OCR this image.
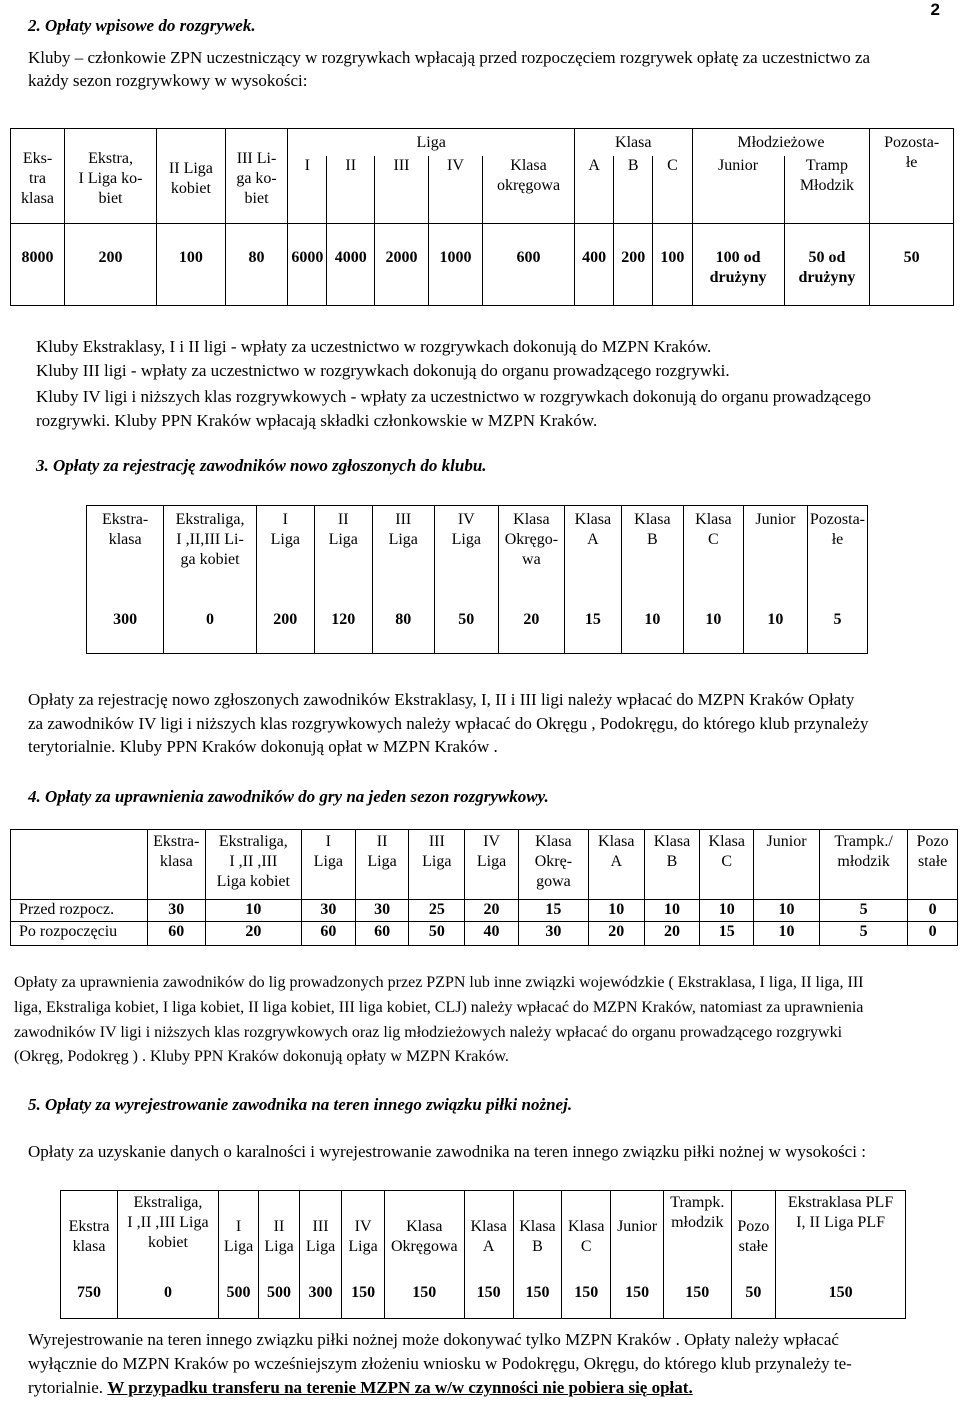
2
2. Opłaty wpisowe do rozgrywek.
Kluby – członkowie ZPN uczestniczący w rozgrywkach wpłacają przed rozpoczęciem rozgrywek opłatę za uczestnictwo za
każdy sezon rozgrywkowy w wysokości:
Eks-
tra
klasa	Ekstra,
I Liga ko-
biet	II Liga
kobiet	III Li-
ga ko-
biet	Liga					Klasa			Młodzieżowe		Pozosta-
łe
				I	II	III	IV	Klasa
okręgowa	A	B	C	Junior	Tramp
Młodzik	
8000	200	100	80	6000	4000	2000	1000	600	400	200	100	100 od
drużyny	50 od
drużyny	50
Kluby Ekstraklasy, I i II ligi - wpłaty za uczestnictwo w rozgrywkach dokonują do MZPN Kraków.
Kluby III ligi - wpłaty za uczestnictwo w rozgrywkach dokonują do organu prowadzącego rozgrywki.
Kluby IV ligi i niższych klas rozgrywkowych - wpłaty za uczestnictwo w rozgrywkach dokonują do organu prowadzącego
rozgrywki. Kluby PPN Kraków wpłacają składki członkowskie w MZPN Kraków.
3. Opłaty za rejestrację zawodników nowo zgłoszonych do klubu.
Ekstra-
klasa	Ekstraliga,
I ,II,III Li-
ga kobiet	I
Liga	II
Liga	III
Liga	IV
Liga	Klasa
Okręgo-
wa	Klasa
A	Klasa
B	Klasa
C	Junior	Pozosta-
łe
300	0	200	120	80	50	20	15	10	10	10	5
Opłaty za rejestrację nowo zgłoszonych zawodników Ekstraklasy, I, II i III ligi należy wpłacać do MZPN Kraków Opłaty
za zawodników IV ligi i niższych klas rozgrywkowych należy wpłacać do Okręgu , Podokręgu, do którego klub przynależy
terytorialnie. Kluby PPN Kraków dokonują opłat w MZPN Kraków .
4. Opłaty za uprawnienia zawodników do gry na jeden sezon rozgrywkowy.
	Ekstra-
klasa	Ekstraliga,
I ,II ,III
Liga kobiet	I
Liga	II
Liga	III
Liga	IV
Liga	Klasa
Okrę-
gowa	Klasa
A	Klasa
B	Klasa
C	Junior	Trampk./
młodzik	Pozo
stałe
Przed rozpocz.	30	10	30	30	25	20	15	10	10	10	10	5	0
Po rozpoczęciu	60	20	60	60	50	40	30	20	20	15	10	5	0
Opłaty za uprawnienia zawodników do lig prowadzonych przez PZPN lub inne związki wojewódzkie ( Ekstraklasa, I liga, II liga, III
liga, Ekstraliga kobiet, I liga kobiet, II liga kobiet, III liga kobiet, CLJ) należy wpłacać do MZPN Kraków, natomiast za uprawnienia
zawodników IV ligi i niższych klas rozgrywkowych oraz lig młodzieżowych należy wpłacać do organu prowadzącego rozgrywki
(Okręg, Podokręg ) . Kluby PPN Kraków dokonują opłaty w MZPN Kraków.
5. Opłaty za wyrejestrowanie zawodnika na teren innego związku piłki nożnej.
Opłaty za uzyskanie danych o karalności i wyrejestrowanie zawodnika na teren innego związku piłki nożnej w wysokości :
Ekstra
klasa	Ekstraliga,
I ,II ,III Liga
kobiet	I
Liga	II
Liga	III
Liga	IV
Liga	Klasa
Okręgowa	Klasa
A	Klasa
B	Klasa
C	Junior	Trampk.
młodzik	Pozo
stałe	Ekstraklasa PLF
I, II Liga PLF
750	0	500	500	300	150	150	150	150	150	150	150	50	150
Wyrejestrowanie na teren innego związku piłki nożnej może dokonywać tylko MZPN Kraków . Opłaty należy wpłacać
wyłącznie do MZPN Kraków po wcześniejszym złożeniu wniosku w Podokręgu, Okręgu, do którego klub przynależy te-
rytorialnie. W przypadku transferu na terenie MZPN za w/w czynności nie pobiera się opłat.
